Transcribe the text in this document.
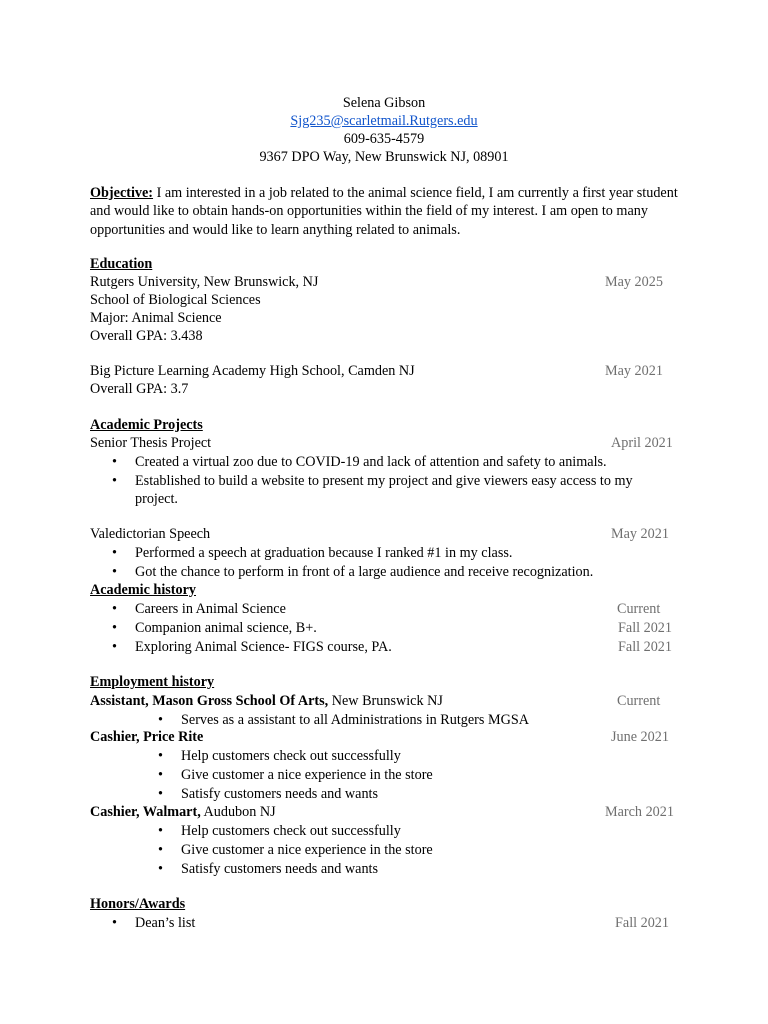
Selena Gibson
Sjg235@scarletmail.Rutgers.edu
609-635-4579
9367 DPO Way, New Brunswick NJ, 08901
Objective: I am interested in a job related to the animal science field, I am currently a first year student and would like to obtain hands-on opportunities within the field of my interest. I am open to many opportunities and would like to learn anything related to animals.
Education
Rutgers University, New Brunswick, NJ	May 2025
School of Biological Sciences
Major: Animal Science
Overall GPA: 3.438
Big Picture Learning Academy High School, Camden NJ	May 2021
Overall GPA: 3.7
Academic Projects
Senior Thesis Project	April 2021
• Created a virtual zoo due to COVID-19 and lack of attention and safety to animals.
• Established to build a website to present my project and give viewers easy access to my project.
Valedictorian Speech	May 2021
• Performed a speech at graduation because I ranked #1 in my class.
• Got the chance to perform in front of a large audience and receive recognization.
Academic history
• Careers in Animal Science	Current
• Companion animal science, B+.	Fall 2021
• Exploring Animal Science- FIGS course, PA.	Fall 2021
Employment history
Assistant, Mason Gross School Of Arts, New Brunswick NJ	Current
• Serves as a assistant to all Administrations in Rutgers MGSA
Cashier, Price Rite	June 2021
• Help customers check out successfully
• Give customer a nice experience in the store
• Satisfy customers needs and wants
Cashier, Walmart, Audubon NJ	March 2021
• Help customers check out successfully
• Give customer a nice experience in the store
• Satisfy customers needs and wants
Honors/Awards
• Dean’s list	Fall 2021
